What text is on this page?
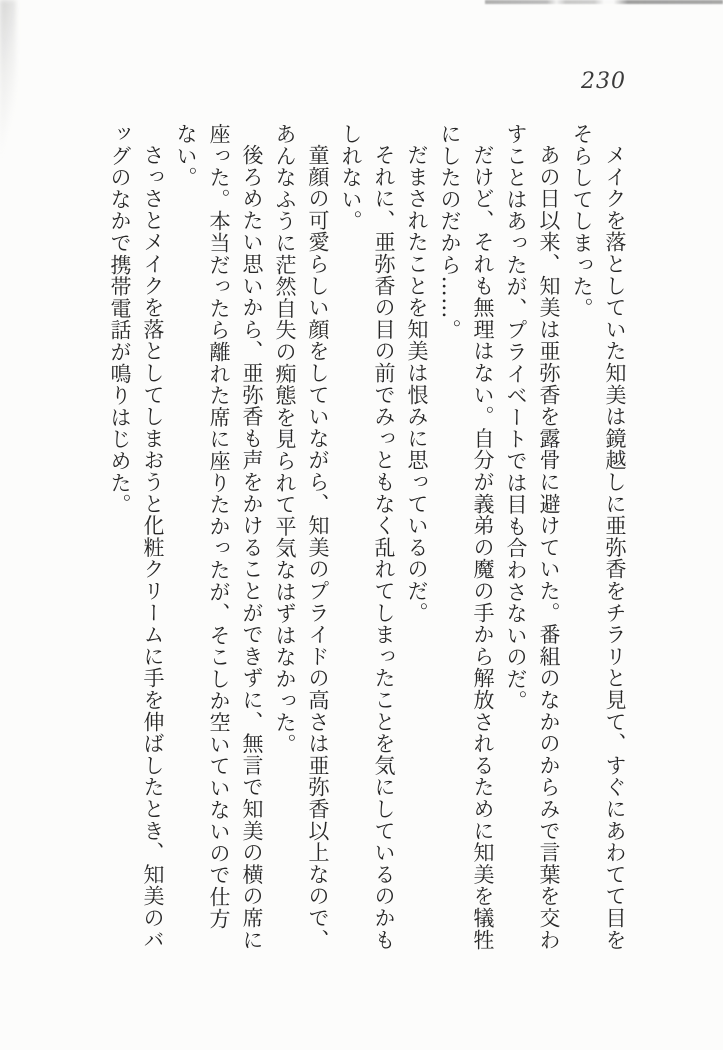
230

メイクを落としていた知美は鏡越しに亜弥香をチラリと見て、すぐにあわてて目をそらしてしまった。

あの日以来、知美は亜弥香を露骨に避けていた。番組のなかのからみで言葉を交わすことはあったが、プライベートでは目も合わさないのだ。

だけど、それも無理はない。自分が義弟の魔の手から解放されるために知美を犠牲にしたのだから……。

だまされたことを知美は恨みに思っているのだ。

それに、亜弥香の目の前でみっともなく乱れてしまったことを気にしているのかもしれない。

童顔の可愛らしい顔をしていながら、知美のプライドの高さは亜弥香以上なので、あんなふうに茫然自失の痴態を見られて平気なはずはなかった。

後ろめたい思いから、亜弥香も声をかけることができずに、無言で知美の横の席に座った。本当だったら離れた席に座りたかったが、そこしか空いていないので仕方ない。

さっさとメイクを落としてしまおうと化粧クリームに手を伸ばしたとき、知美のバッグのなかで携帯電話が鳴りはじめた。
